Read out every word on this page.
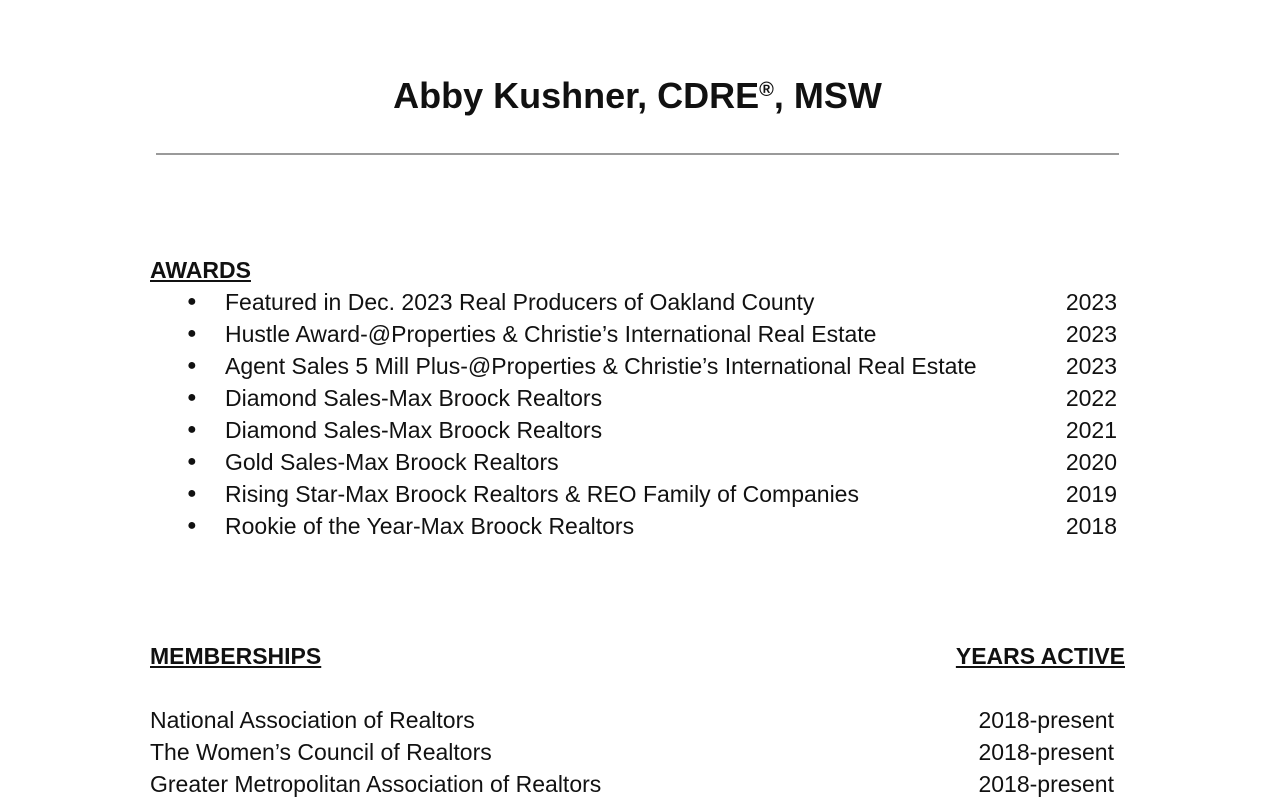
Abby Kushner, CDRE®, MSW
AWARDS
● Featured in Dec. 2023 Real Producers of Oakland County	2023
● Hustle Award-@Properties & Christie’s International Real Estate	2023
● Agent Sales 5 Mill Plus-@Properties & Christie’s International Real Estate	2023
● Diamond Sales-Max Broock Realtors	2022
● Diamond Sales-Max Broock Realtors	2021
● Gold Sales-Max Broock Realtors	2020
● Rising Star-Max Broock Realtors & REO Family of Companies	2019
● Rookie of the Year-Max Broock Realtors	2018
MEMBERSHIPS	YEARS ACTIVE
National Association of Realtors	2018-present
The Women’s Council of Realtors	2018-present
Greater Metropolitan Association of Realtors	2018-present
